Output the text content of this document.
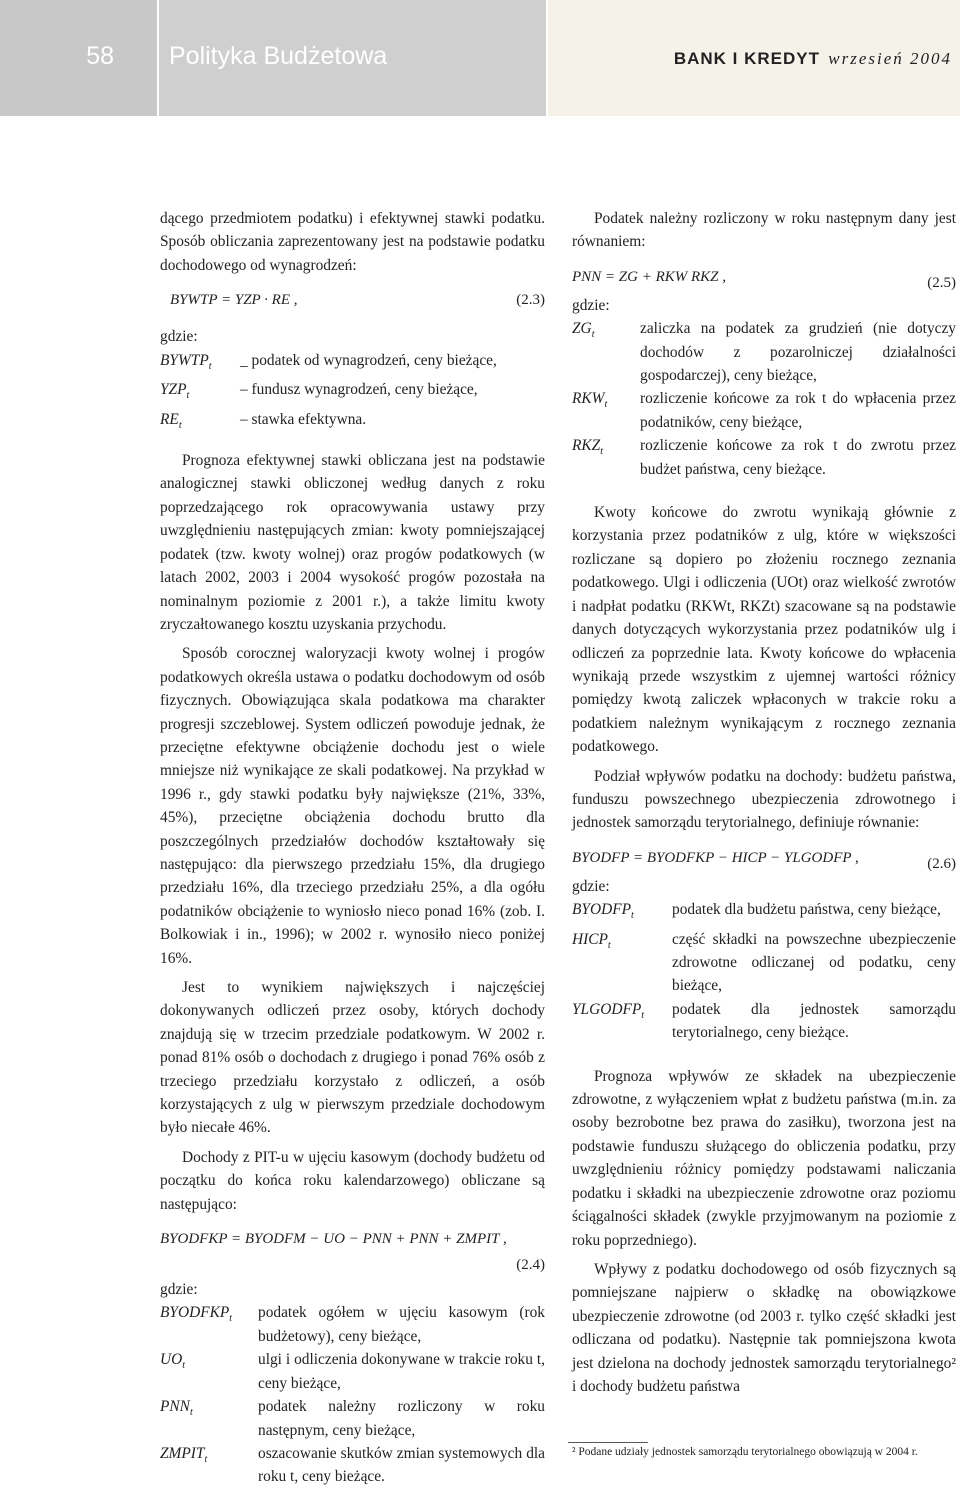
58 Polityka Budżetowa	BANK I KREDYT wrzesień 2004

dącego przedmiotem podatku) i efektywnej stawki podatku. Sposób obliczania zaprezentowany jest na podstawie podatku dochodowego od wynagrodzeń:

BYWTP = YZP · RE ,	(2.3)

gdzie:

$BYWTP_t$	_ podatek od wynagrodzeń, ceny bieżące,
$YZP_t$	– fundusz wynagrodzeń, ceny bieżące,
$RE_t$	– stawka efektywna.

Prognoza efektywnej stawki obliczana jest na podstawie analogicznej stawki obliczonej według danych z roku poprzedzającego rok opracowywania ustawy przy uwzględnieniu następujących zmian: kwoty pomniejszającej podatek (tzw. kwoty wolnej) oraz progów podatkowych (w latach 2002, 2003 i 2004 wysokość progów pozostała na nominalnym poziomie z 2001 r.), a także limitu kwoty zryczałtowanego kosztu uzyskania przychodu.

Sposób corocznej waloryzacji kwoty wolnej i progów podatkowych określa ustawa o podatku dochodowym od osób fizycznych. Obowiązująca skala podatkowa ma charakter progresji szczeblowej. System odliczeń powoduje jednak, że przeciętne efektywne obciążenie dochodu jest o wiele mniejsze niż wynikające ze skali podatkowej. Na przykład w 1996 r., gdy stawki podatku były największe (21%, 33%, 45%), przeciętne obciążenia dochodu brutto dla poszczególnych przedziałów dochodów kształtowały się następująco: dla pierwszego przedziału 15%, dla drugiego przedziału 16%, dla trzeciego przedziału 25%, a dla ogółu podatników obciążenie to wyniosło nieco ponad 16% (zob. I. Bolkowiak i in., 1996); w 2002 r. wynosiło nieco poniżej 16%.

Jest to wynikiem największych i najczęściej dokonywanych odliczeń przez osoby, których dochody znajdują się w trzecim przedziale podatkowym. W 2002 r. ponad 81% osób o dochodach z drugiego i ponad 76% osób z trzeciego przedziału korzystało z odliczeń, a osób korzystających z ulg w pierwszym przedziale dochodowym było niecałe 46%.

Dochody z PIT-u w ujęciu kasowym (dochody budżetu od początku do końca roku kalendarzowego) obliczane są następująco:

BYODFKP = BYODFM − UO − PNN + PNN + ZMPIT ,
(2.4)

gdzie:

$BYODFKP_t$	podatek ogółem w ujęciu kasowym (rok budżetowy), ceny bieżące,
$UO_t$	ulgi i odliczenia dokonywane w trakcie roku t, ceny bieżące,
$PNN_t$	podatek należny rozliczony w roku następnym, ceny bieżące,
$ZMPIT_t$	oszacowanie skutków zmian systemowych dla roku t, ceny bieżące.

Podatek należny rozliczony w roku następnym dany jest równaniem:

PNN = ZG + RKW RKZ ,	(2.5)

gdzie:

$ZG_t$	zaliczka na podatek za grudzień (nie dotyczy dochodów z pozarolniczej działalności gospodarczej), ceny bieżące,
$RKW_t$	rozliczenie końcowe za rok t do wpłacenia przez podatników, ceny bieżące,
$RKZ_t$	rozliczenie końcowe za rok t do zwrotu przez budżet państwa, ceny bieżące.

Kwoty końcowe do zwrotu wynikają głównie z korzystania przez podatników z ulg, które w większości rozliczane są dopiero po złożeniu rocznego zeznania podatkowego. Ulgi i odliczenia (UOt) oraz wielkość zwrotów i nadpłat podatku (RKWt, RKZt) szacowane są na podstawie danych dotyczących wykorzystania przez podatników ulg i odliczeń za poprzednie lata. Kwoty końcowe do wpłacenia wynikają przede wszystkim z ujemnej wartości różnicy pomiędzy kwotą zaliczek wpłaconych w trakcie roku a podatkiem należnym wynikającym z rocznego zeznania podatkowego.

Podział wpływów podatku na dochody: budżetu państwa, funduszu powszechnego ubezpieczenia zdrowotnego i jednostek samorządu terytorialnego, definiuje równanie:

BYODFP = BYODFKP − HICP − YLGODFP ,	(2.6)

gdzie:

$BYODFP_t$	podatek dla budżetu państwa, ceny bieżące,
$HICP_t$	część składki na powszechne ubezpieczenie zdrowotne odliczanej od podatku, ceny bieżące,
$YLGODFP_t$	podatek dla jednostek samorządu terytorialnego, ceny bieżące.

Prognoza wpływów ze składek na ubezpieczenie zdrowotne, z wyłączeniem wpłat z budżetu państwa (m.in. za osoby bezrobotne bez prawa do zasiłku), tworzona jest na podstawie funduszu służącego do obliczenia podatku, przy uwzględnieniu różnicy pomiędzy podstawami naliczania podatku i składki na ubezpieczenie zdrowotne oraz poziomu ściągalności składek (zwykle przyjmowanym na poziomie z roku poprzedniego).

Wpływy z podatku dochodowego od osób fizycznych są pomniejszane najpierw o składkę na obowiązkowe ubezpieczenie zdrowotne (od 2003 r. tylko część składki jest odliczana od podatku). Następnie tak pomniejszona kwota jest dzielona na dochody jednostek samorządu terytorialnego² i dochody budżetu państwa

² Podane udziały jednostek samorządu terytorialnego obowiązują w 2004 r.
